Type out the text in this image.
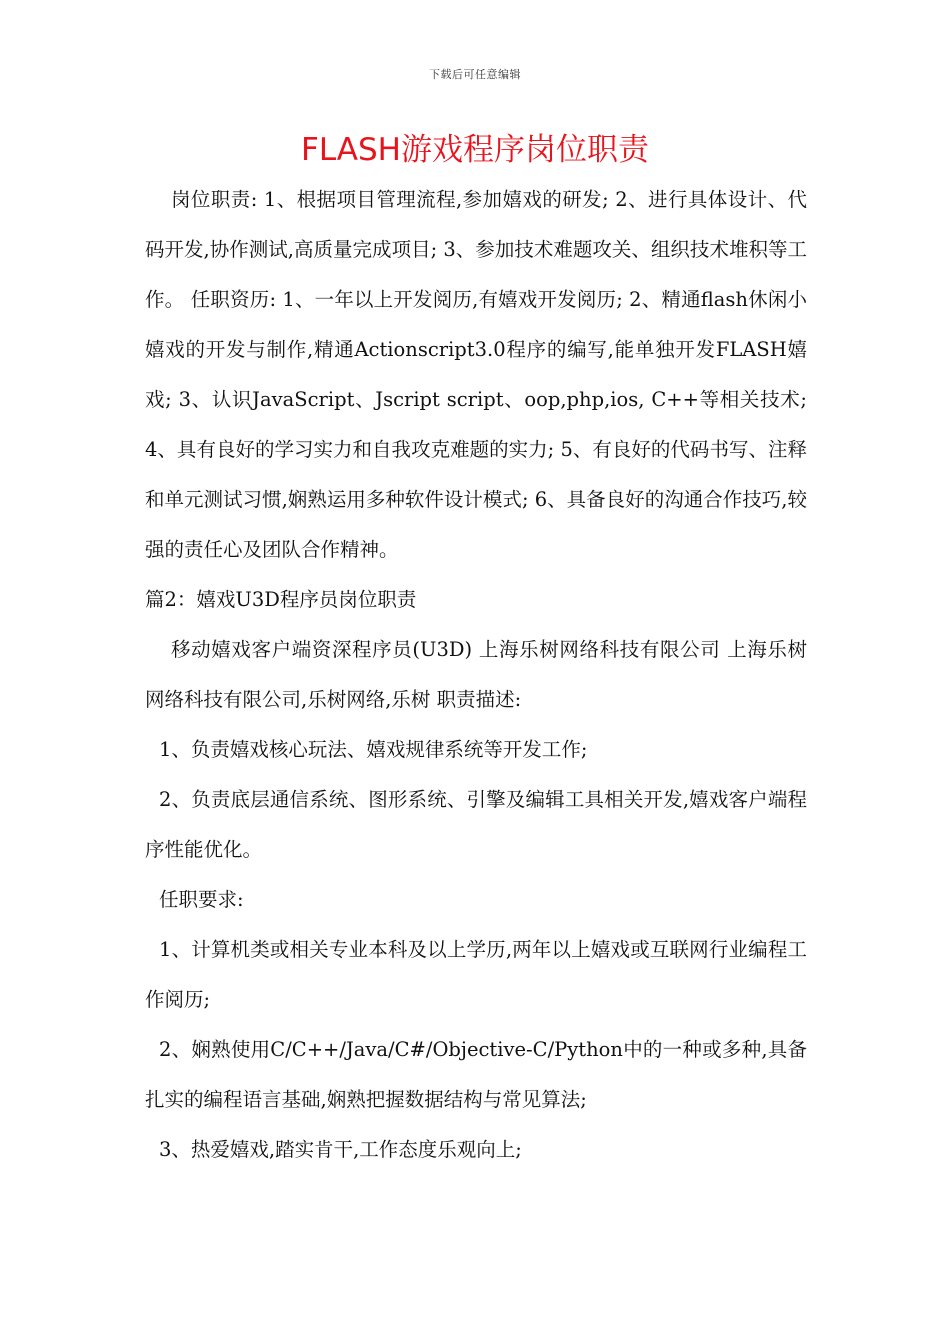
下载后可任意编辑
FLASH游戏程序岗位职责

岗位职责: 1、根据项目管理流程,参加嬉戏的研发; 2、进行具体设计、代码开发,协作测试,高质量完成项目; 3、参加技术难题攻关、组织技术堆积等工作。 任职资历: 1、一年以上开发阅历,有嬉戏开发阅历; 2、精通flash休闲小嬉戏的开发与制作,精通Actionscript3.0程序的编写,能单独开发FLASH嬉戏; 3、认识JavaScript、Jscript script、oop,php,ios, C++等相关技术; 4、具有良好的学习实力和自我攻克难题的实力; 5、有良好的代码书写、注释和单元测试习惯,娴熟运用多种软件设计模式; 6、具备良好的沟通合作技巧,较强的责任心及团队合作精神。

篇2：嬉戏U3D程序员岗位职责

移动嬉戏客户端资深程序员(U3D) 上海乐树网络科技有限公司 上海乐树网络科技有限公司,乐树网络,乐树 职责描述:

1、负责嬉戏核心玩法、嬉戏规律系统等开发工作;

2、负责底层通信系统、图形系统、引擎及编辑工具相关开发,嬉戏客户端程序性能优化。

任职要求:

1、计算机类或相关专业本科及以上学历,两年以上嬉戏或互联网行业编程工作阅历;

2、娴熟使用C/C++/Java/C#/Objective-C/Python中的一种或多种,具备扎实的编程语言基础,娴熟把握数据结构与常见算法;

3、热爱嬉戏,踏实肯干,工作态度乐观向上;
